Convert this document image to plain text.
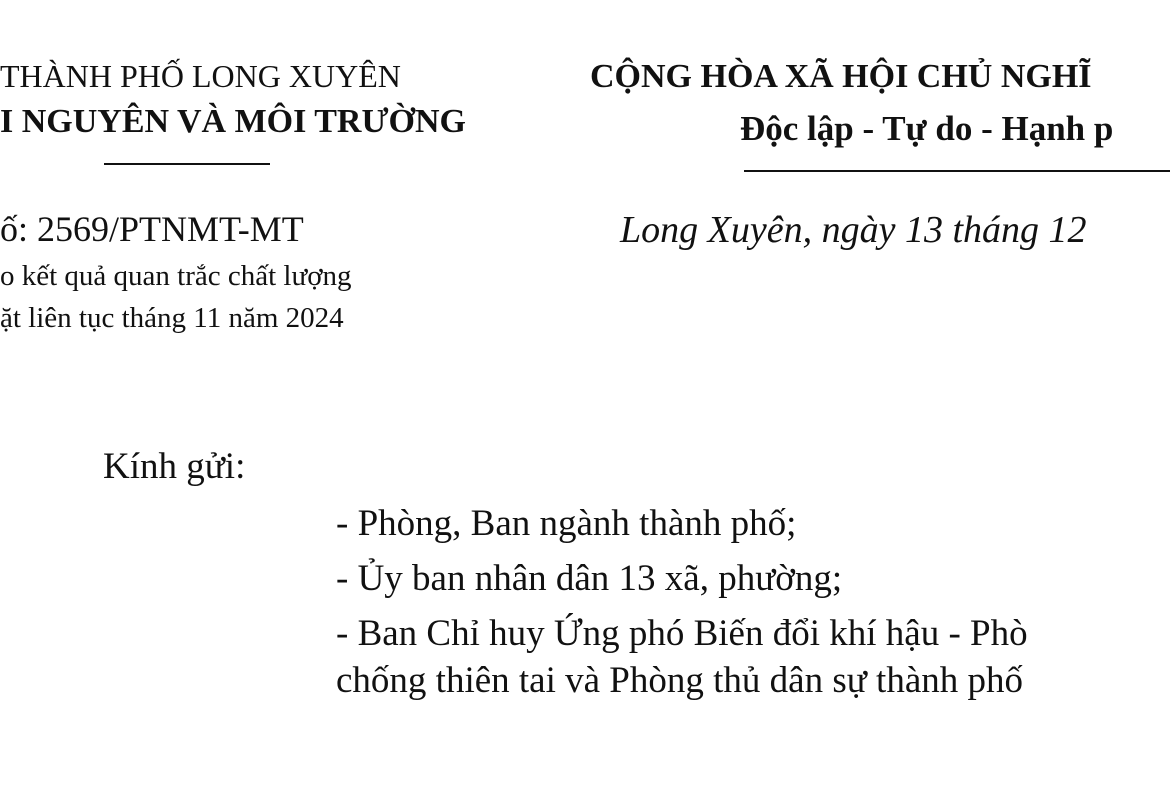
THÀNH PHỐ LONG XUYÊN
I NGUYÊN VÀ MÔI TRƯỜNG
CỘNG HÒA XÃ HỘI CHỦ NGHĨ
Độc lập - Tự do - Hạnh p
ố: 2569/PTNMT-MT	Long Xuyên, ngày 13 tháng 12
o kết quả quan trắc chất lượng
ặt liên tục tháng 11 năm 2024
Kính gửi:
- Phòng, Ban ngành thành phố;
- Ủy ban nhân dân 13 xã, phường;
- Ban Chỉ huy Ứng phó Biến đổi khí hậu - Phò
chống thiên tai và Phòng thủ dân sự thành phố
